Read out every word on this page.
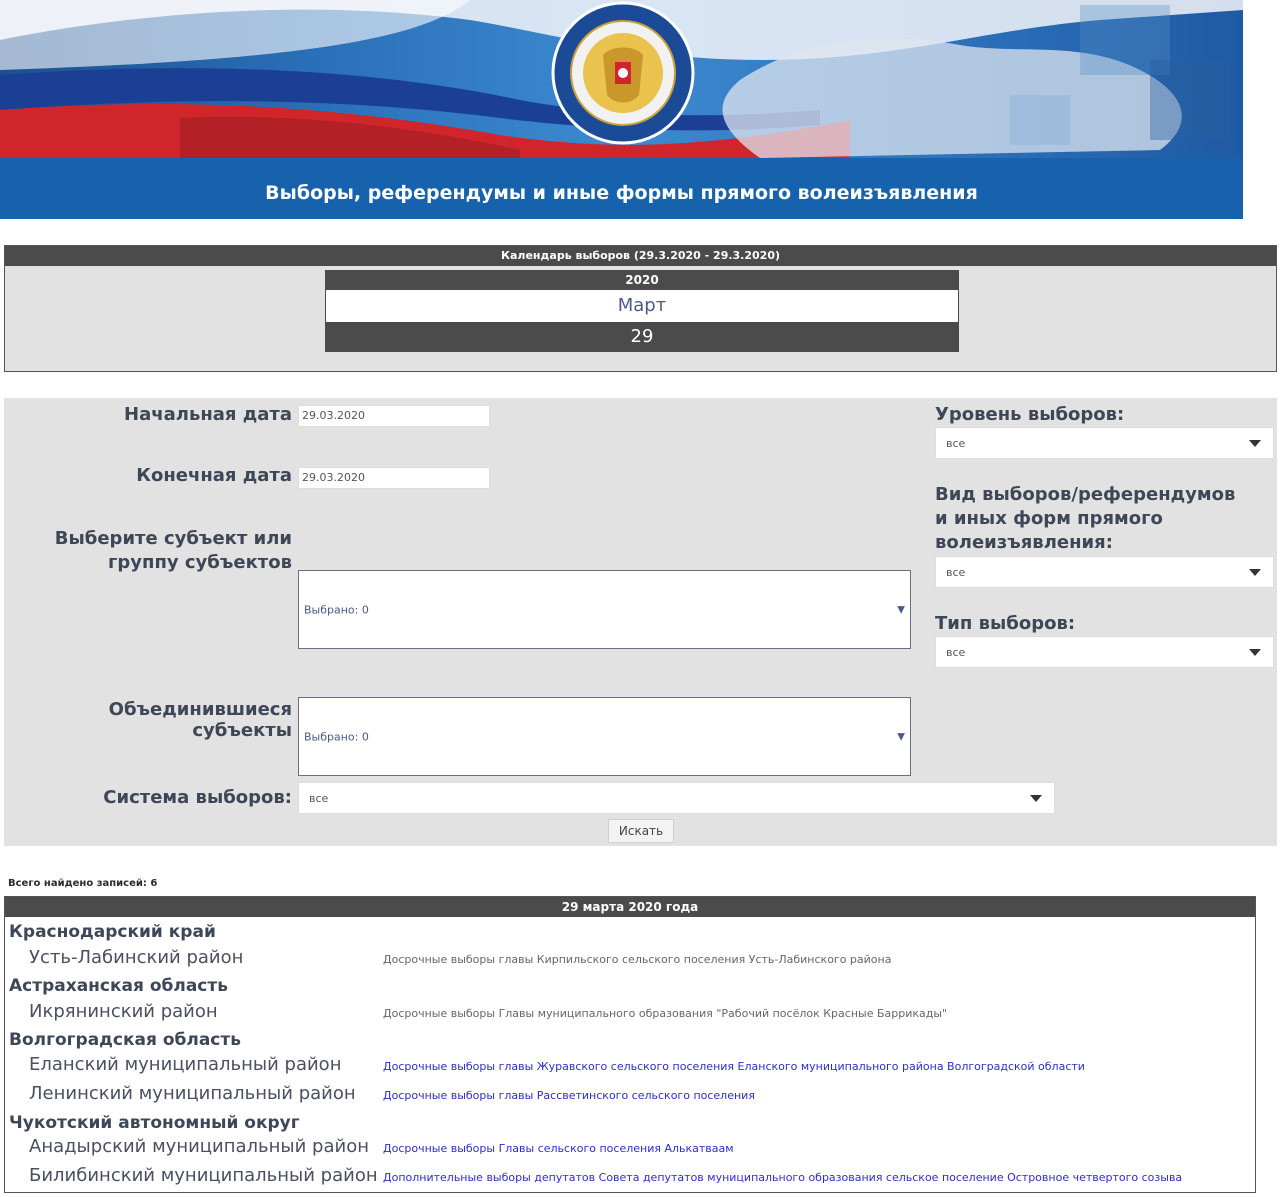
Выборы, референдумы и иные формы прямого волеизъявления
Календарь выборов (29.3.2020 - 29.3.2020)
2020
Март
29
Начальная дата 29.03.2020
Конечная дата 29.03.2020
Выберите субъект или
группу субъектов
Выбрано: 0	▼
Объединившиеся субъекты Выбрано: 0	▼
Система выборов: все
Уровень выборов:
все
Вид выборов/референдумов
и иных форм прямого
волеизъявления:
все
Тип выборов:
все
Искать
Всего найдено записей: 6
29 марта 2020 года
Краснодарский край
Усть-Лабинский район	Досрочные выборы главы Кирпильского сельского поселения Усть-Лабинского района
Астраханская область
Икрянинский район	Досрочные выборы Главы муниципального образования "Рабочий посёлок Красные Баррикады"
Волгоградская область
Еланский муниципальный район	Досрочные выборы главы Журавского сельского поселения Еланского муниципального района Волгоградской области
Ленинский муниципальный район Досрочные выборы главы Рассветинского сельского поселения
Чукотский автономный округ
Анадырский муниципальный район Досрочные выборы Главы сельского поселения Алькатваам
Билибинский муниципальный район Дополнительные выборы депутатов Совета депутатов муниципального образования сельское поселение Островное четвертого созыва
